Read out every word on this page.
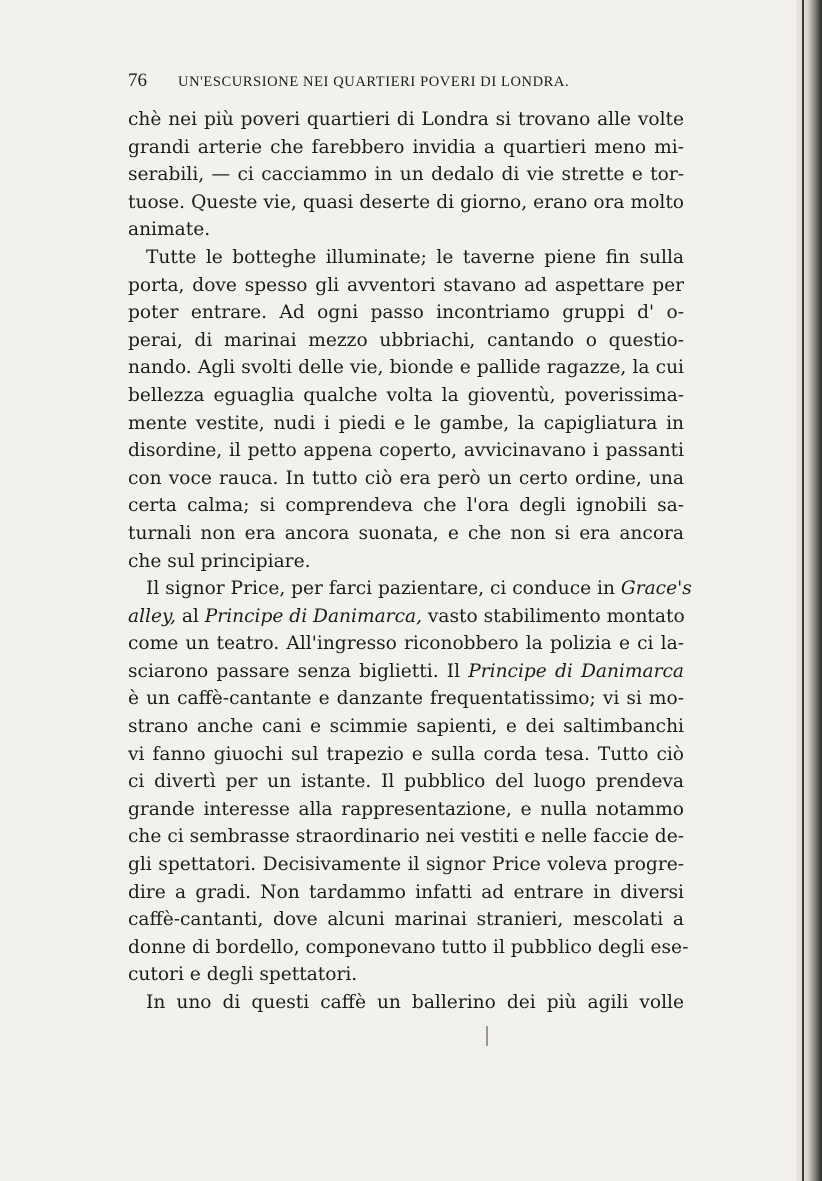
76	UN'ESCURSIONE NEI QUARTIERI POVERI DI LONDRA.
chè nei più poveri quartieri di Londra si trovano alle volte
grandi arterie che farebbero invidia a quartieri meno mi-
serabili, — ci cacciammo in un dedalo di vie strette e tor-
tuose. Queste vie, quasi deserte di giorno, erano ora molto
animate.
Tutte le botteghe illuminate; le taverne piene fin sulla
porta, dove spesso gli avventori stavano ad aspettare per
poter entrare. Ad ogni passo incontriamo gruppi d' o-
perai, di marinai mezzo ubbriachi, cantando o questio-
nando. Agli svolti delle vie, bionde e pallide ragazze, la cui
bellezza eguaglia qualche volta la gioventù, poverissima-
mente vestite, nudi i piedi e le gambe, la capigliatura in
disordine, il petto appena coperto, avvicinavano i passanti
con voce rauca. In tutto ciò era però un certo ordine, una
certa calma; si comprendeva che l'ora degli ignobili sa-
turnali non era ancora suonata, e che non si era ancora
che sul principiare.
Il signor Price, per farci pazientare, ci conduce in Grace's
alley, al Principe di Danimarca, vasto stabilimento montato
come un teatro. All'ingresso riconobbero la polizia e ci la-
sciarono passare senza biglietti. Il Principe di Danimarca
è un caffè-cantante e danzante frequentatissimo; vi si mo-
strano anche cani e scimmie sapienti, e dei saltimbanchi
vi fanno giuochi sul trapezio e sulla corda tesa. Tutto ciò
ci divertì per un istante. Il pubblico del luogo prendeva
grande interesse alla rappresentazione, e nulla notammo
che ci sembrasse straordinario nei vestiti e nelle faccie de-
gli spettatori. Decisivamente il signor Price voleva progre-
dire a gradi. Non tardammo infatti ad entrare in diversi
caffè-cantanti, dove alcuni marinai stranieri, mescolati a
donne di bordello, componevano tutto il pubblico degli ese-
cutori e degli spettatori.
In uno di questi caffè un ballerino dei più agili volle
